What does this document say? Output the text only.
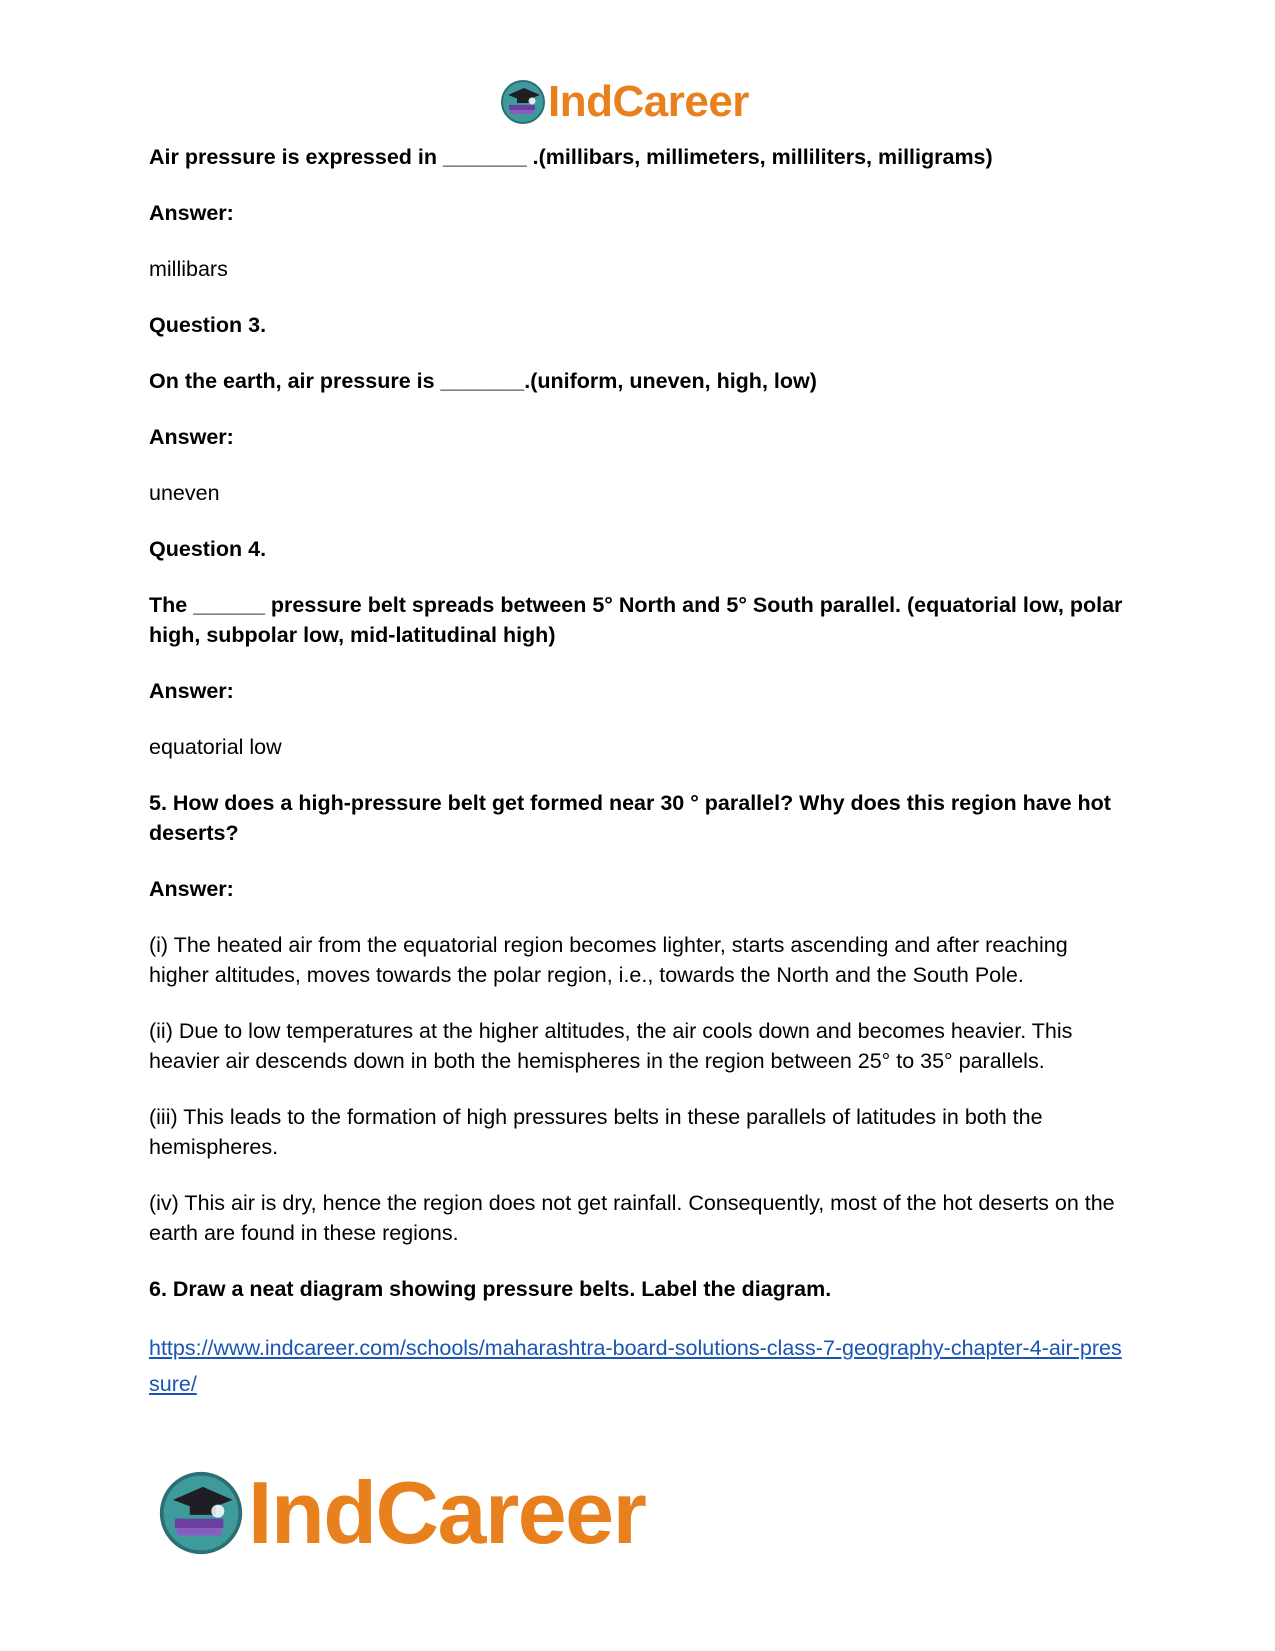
IndCareer

Air pressure is expressed in _______ .(millibars, millimeters, milliliters, milligrams)

Answer:

millibars

Question 3.

On the earth, air pressure is _______.(uniform, uneven, high, low)

Answer:

uneven

Question 4.

The ______ pressure belt spreads between 5° North and 5° South parallel. (equatorial low, polar high, subpolar low, mid-latitudinal high)

Answer:

equatorial low

5. How does a high-pressure belt get formed near 30 ° parallel? Why does this region have hot deserts?

Answer:

(i) The heated air from the equatorial region becomes lighter, starts ascending and after reaching higher altitudes, moves towards the polar region, i.e., towards the North and the South Pole.

(ii) Due to low temperatures at the higher altitudes, the air cools down and becomes heavier. This heavier air descends down in both the hemispheres in the region between 25° to 35° parallels.

(iii) This leads to the formation of high pressures belts in these parallels of latitudes in both the hemispheres.

(iv) This air is dry, hence the region does not get rainfall. Consequently, most of the hot deserts on the earth are found in these regions.

6. Draw a neat diagram showing pressure belts. Label the diagram.

https://www.indcareer.com/schools/maharashtra-board-solutions-class-7-geography-chapter-4-air-pressure/
IndCareer
